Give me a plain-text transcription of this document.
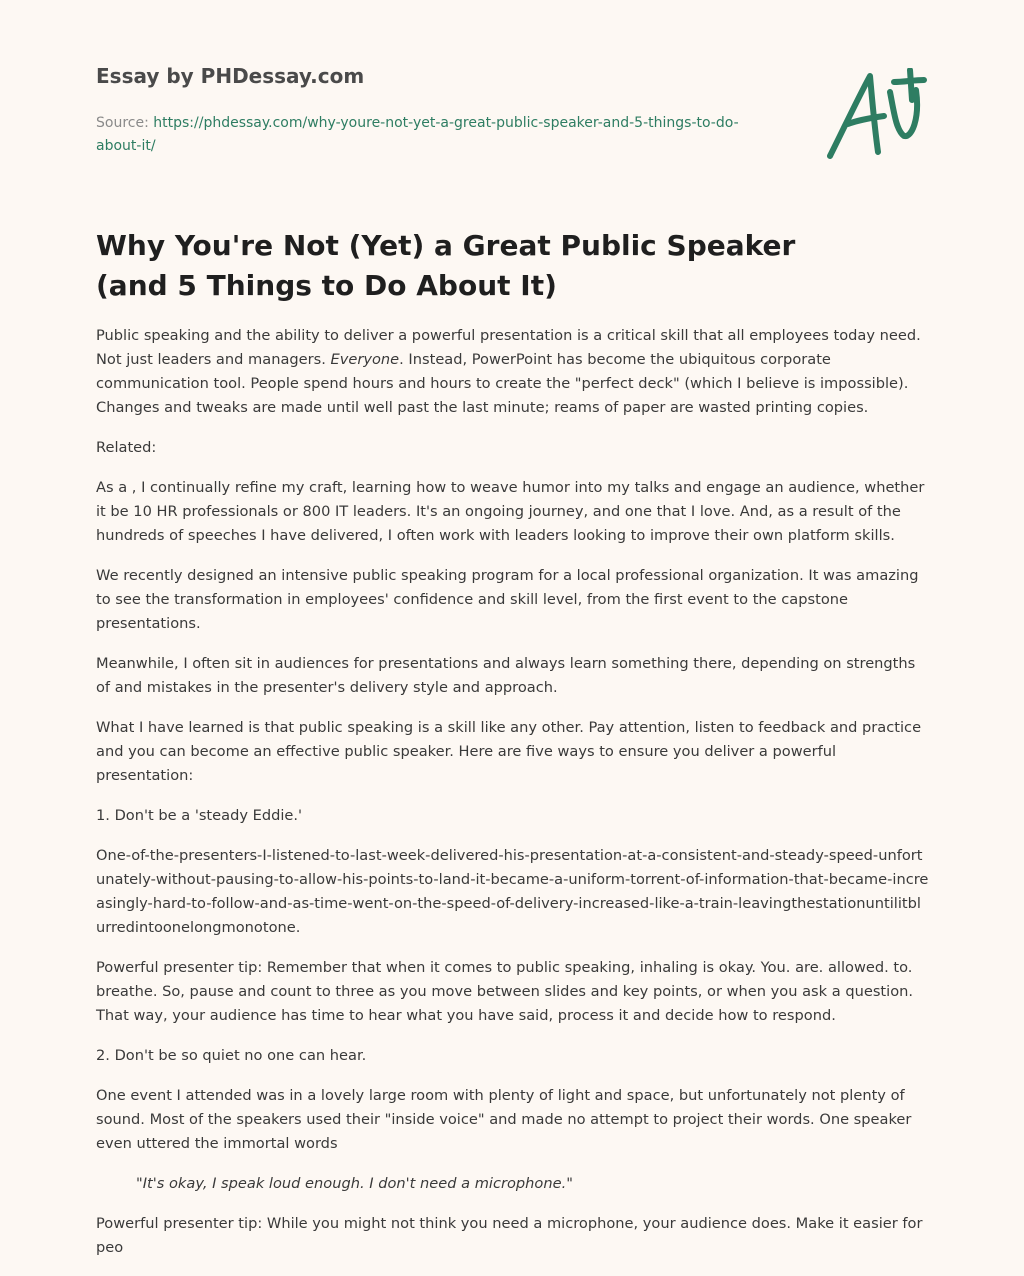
Essay by PHDessay.com

Source: https://phdessay.com/why-youre-not-yet-a-great-public-speaker-and-5-things-to-do-about-it/

Why You're Not (Yet) a Great Public Speaker (and 5 Things to Do About It)

Public speaking and the ability to deliver a powerful presentation is a critical skill that all employees today need. Not just leaders and managers. Everyone. Instead, PowerPoint has become the ubiquitous corporate communication tool. People spend hours and hours to create the "perfect deck" (which I believe is impossible). Changes and tweaks are made until well past the last minute; reams of paper are wasted printing copies.

Related:

As a , I continually refine my craft, learning how to weave humor into my talks and engage an audience, whether it be 10 HR professionals or 800 IT leaders. It's an ongoing journey, and one that I love. And, as a result of the hundreds of speeches I have delivered, I often work with leaders looking to improve their own platform skills.

We recently designed an intensive public speaking program for a local professional organization. It was amazing to see the transformation in employees' confidence and skill level, from the first event to the capstone presentations.

Meanwhile, I often sit in audiences for presentations and always learn something there, depending on strengths of and mistakes in the presenter's delivery style and approach.

What I have learned is that public speaking is a skill like any other. Pay attention, listen to feedback and practice and you can become an effective public speaker. Here are five ways to ensure you deliver a powerful presentation:

1. Don't be a 'steady Eddie.'

One-of-the-presenters-I-listened-to-last-week-delivered-his-presentation-at-a-consistent-and-steady-speed-unfortunately-without-pausing-to-allow-his-points-to-land-it-became-a-uniform-torrent-of-information-that-became-increasingly-hard-to-follow-and-as-time-went-on-the-speed-of-delivery-increased-like-a-train-leavingthestationuntilitblurredintoonelongmonotone.

Powerful presenter tip: Remember that when it comes to public speaking, inhaling is okay. You. are. allowed. to. breathe. So, pause and count to three as you move between slides and key points, or when you ask a question. That way, your audience has time to hear what you have said, process it and decide how to respond.

2. Don't be so quiet no one can hear.

One event I attended was in a lovely large room with plenty of light and space, but unfortunately not plenty of sound. Most of the speakers used their "inside voice" and made no attempt to project their words. One speaker even uttered the immortal words

"It's okay, I speak loud enough. I don't need a microphone."

Powerful presenter tip: While you might not think you need a microphone, your audience does. Make it easier for peo
